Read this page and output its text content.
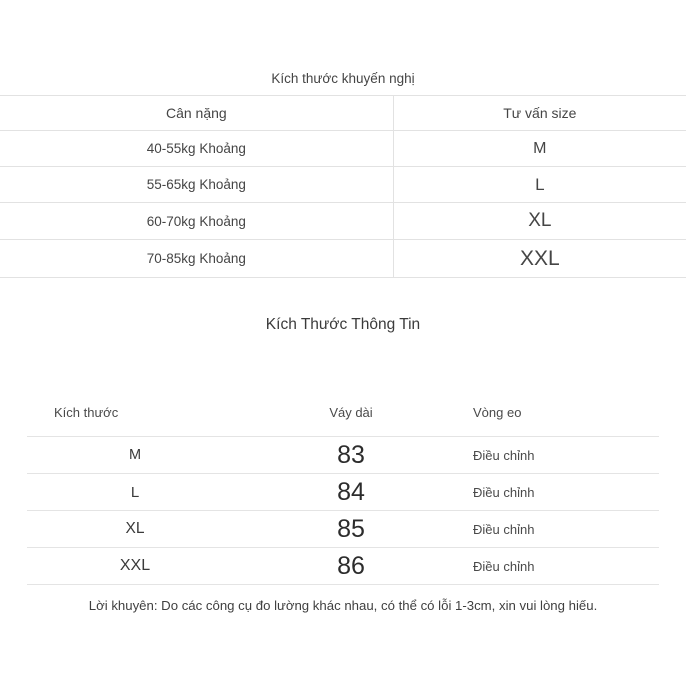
Kích thước khuyến nghị	
Cân nặng	Tư vấn size
40-55kg Khoảng	M
55-65kg Khoảng	L
60-70kg Khoảng	XL
70-85kg Khoảng	XXL
Kích Thước Thông Tin
Kích thước	Váy dài	Vòng eo
M	83	Điều chỉnh
L	84	Điều chỉnh
XL	85	Điều chỉnh
XXL	86	Điều chỉnh
Lời khuyên: Do các công cụ đo lường khác nhau, có thể có lỗi 1-3cm, xin vui lòng hiếu.
